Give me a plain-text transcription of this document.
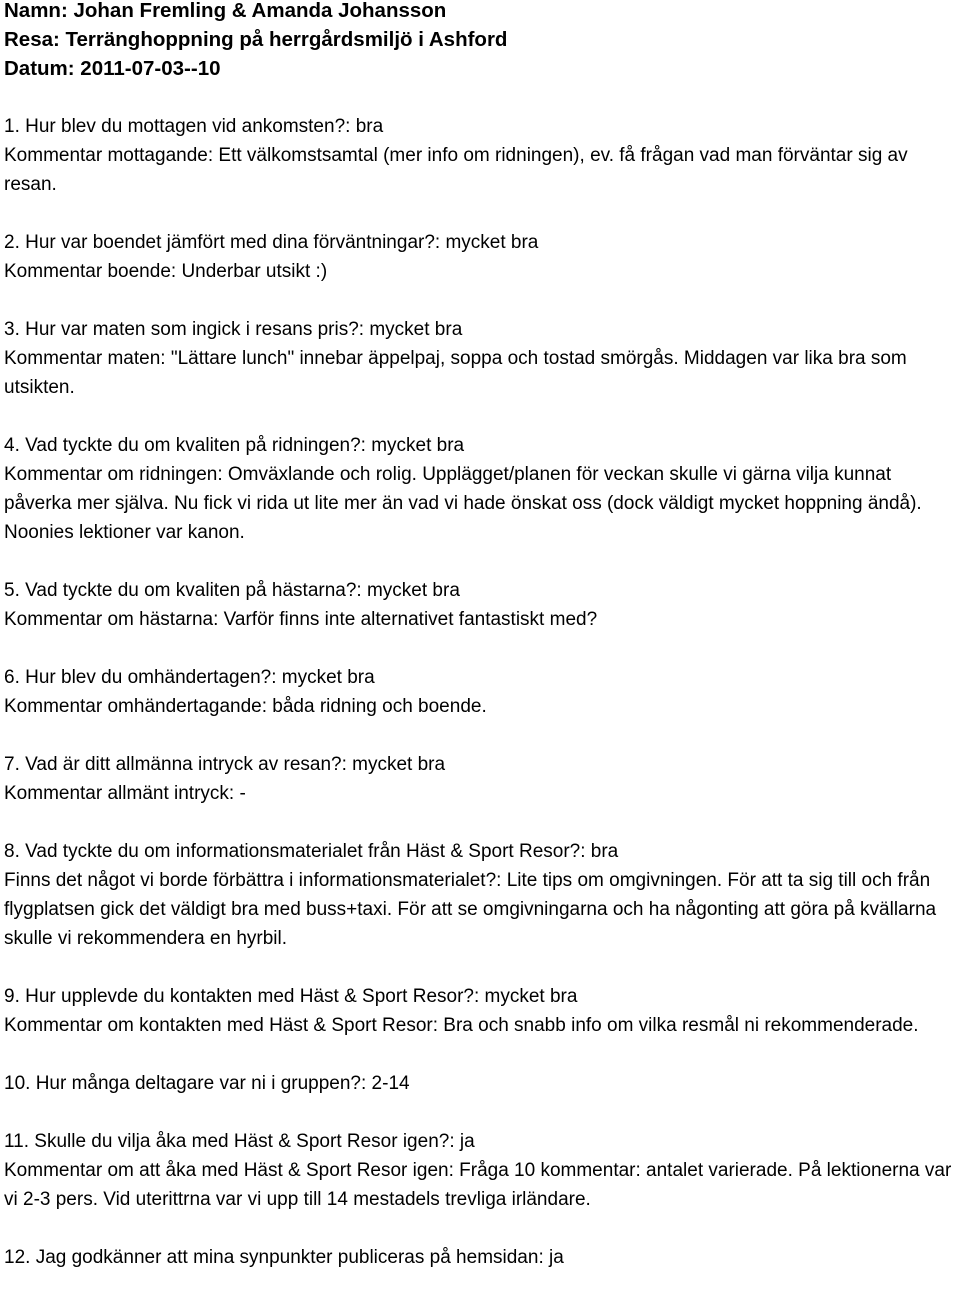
Namn: Johan Fremling & Amanda Johansson
Resa: Terränghoppning på herrgårdsmiljö i Ashford
Datum: 2011-07-03--10
1. Hur blev du mottagen vid ankomsten?: bra
Kommentar mottagande: Ett välkomstsamtal (mer info om ridningen), ev. få frågan vad man förväntar sig av resan.
2. Hur var boendet jämfört med dina förväntningar?: mycket bra
Kommentar boende: Underbar utsikt :)
3. Hur var maten som ingick i resans pris?: mycket bra
Kommentar maten: "Lättare lunch" innebar äppelpaj, soppa och tostad smörgås. Middagen var lika bra som utsikten.
4. Vad tyckte du om kvaliten på ridningen?: mycket bra
Kommentar om ridningen: Omväxlande och rolig. Upplägget/planen för veckan skulle vi gärna vilja kunnat påverka mer själva. Nu fick vi rida ut lite mer än vad vi hade önskat oss (dock väldigt mycket hoppning ändå). Noonies lektioner var kanon.
5. Vad tyckte du om kvaliten på hästarna?: mycket bra
Kommentar om hästarna: Varför finns inte alternativet fantastiskt med?
6. Hur blev du omhändertagen?: mycket bra
Kommentar omhändertagande: båda ridning och boende.
7. Vad är ditt allmänna intryck av resan?: mycket bra
Kommentar allmänt intryck: -
8. Vad tyckte du om informationsmaterialet från Häst & Sport Resor?: bra
Finns det något vi borde förbättra i informationsmaterialet?: Lite tips om omgivningen. För att ta sig till och från flygplatsen gick det väldigt bra med buss+taxi. För att se omgivningarna och ha någonting att göra på kvällarna skulle vi rekommendera en hyrbil.
9. Hur upplevde du kontakten med Häst & Sport Resor?: mycket bra
Kommentar om kontakten med Häst & Sport Resor: Bra och snabb info om vilka resmål ni rekommenderade.
10. Hur många deltagare var ni i gruppen?: 2-14
11. Skulle du vilja åka med Häst & Sport Resor igen?: ja
Kommentar om att åka med Häst & Sport Resor igen: Fråga 10 kommentar: antalet varierade. På lektionerna var vi 2-3 pers. Vid uterittrna var vi upp till 14 mestadels trevliga irländare.
12. Jag godkänner att mina synpunkter publiceras på hemsidan: ja
